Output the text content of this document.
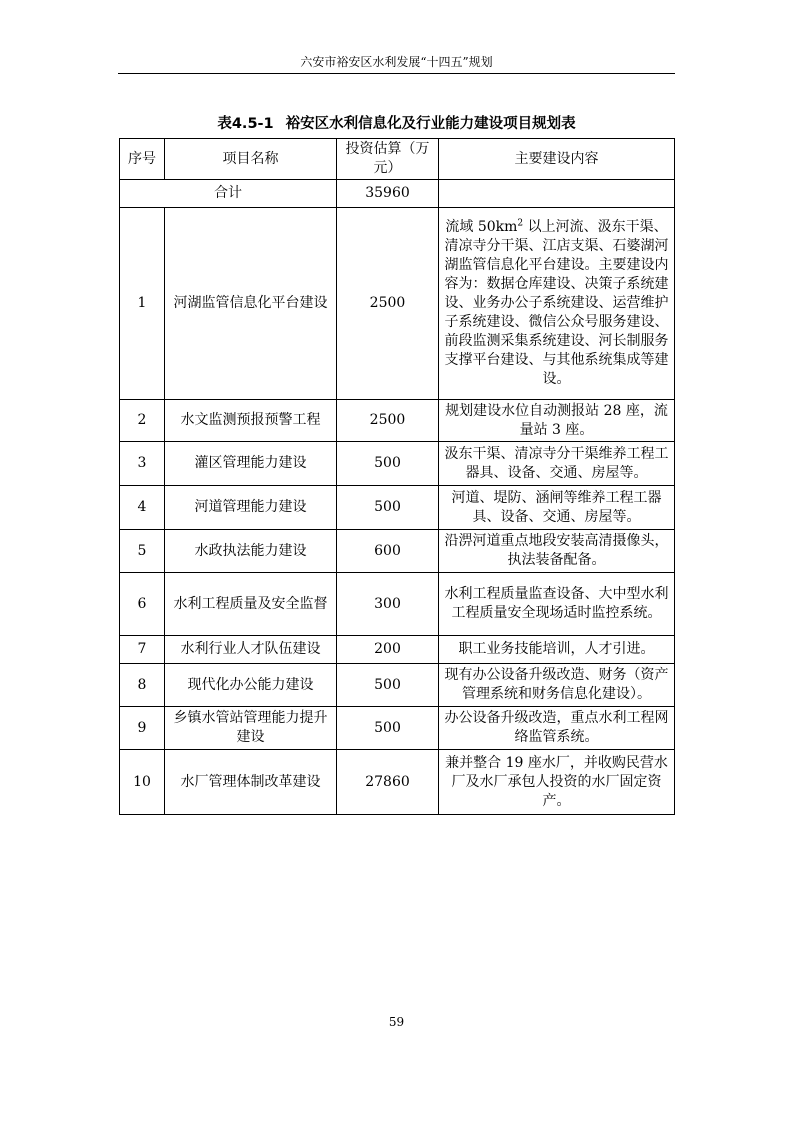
六安市裕安区水利发展“十四五”规划
表4.5-1 裕安区水利信息化及行业能力建设项目规划表
序号	项目名称	投资估算（万元）	主要建设内容
合计		35960	
1	河湖监管信息化平台建设	2500	流域 $50km^2$ 以上河流、汲东干渠、清凉寺分干渠、江店支渠、石婆湖河湖监管信息化平台建设。主要建设内容为：数据仓库建设、决策子系统建设、业务办公子系统建设、运营维护子系统建设、微信公众号服务建设、前段监测采集系统建设、河长制服务支撑平台建设、与其他系统集成等建设。
2	水文监测预报预警工程	2500	规划建设水位自动测报站 28 座，流量站 3 座。
3	灌区管理能力建设	500	汲东干渠、清凉寺分干渠维养工程工器具、设备、交通、房屋等。
4	河道管理能力建设	500	河道、堤防、涵闸等维养工程工器具、设备、交通、房屋等。
5	水政执法能力建设	600	沿淠河道重点地段安装高清摄像头，执法装备配备。
6	水利工程质量及安全监督	300	水利工程质量监查设备、大中型水利工程质量安全现场适时监控系统。
7	水利行业人才队伍建设	200	职工业务技能培训，人才引进。
8	现代化办公能力建设	500	现有办公设备升级改造、财务（资产管理系统和财务信息化建设）。
9	乡镇水管站管理能力提升建设	500	办公设备升级改造，重点水利工程网络监管系统。
10	水厂管理体制改革建设	27860	兼并整合 19 座水厂，并收购民营水厂及水厂承包人投资的水厂固定资产。
59
